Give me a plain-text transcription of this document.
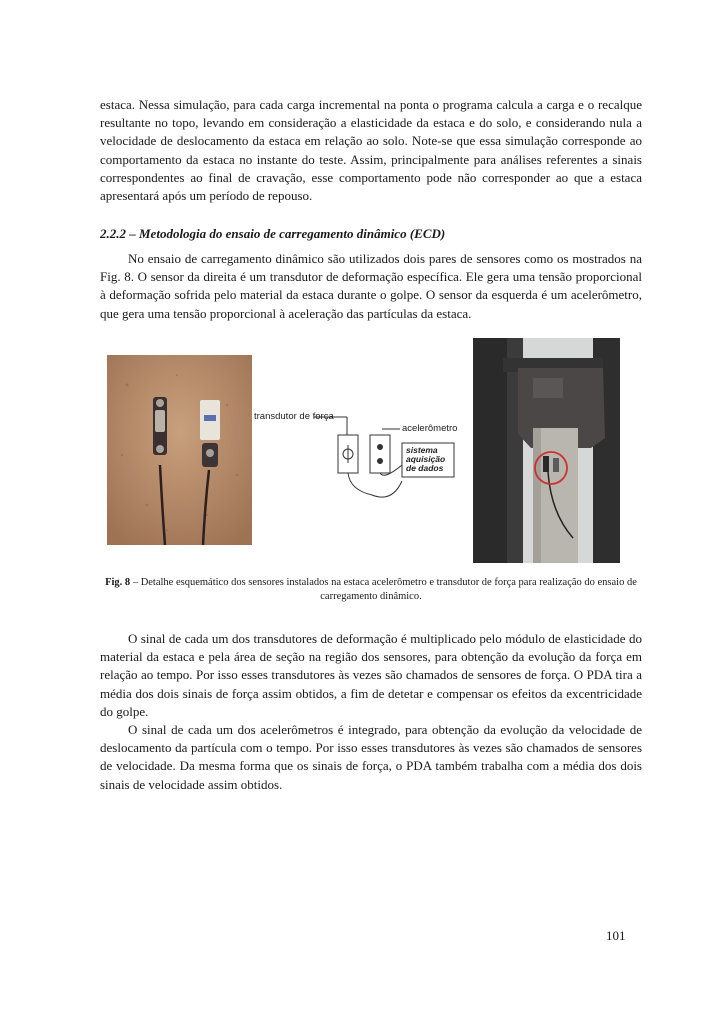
estaca. Nessa simulação, para cada carga incremental na ponta o programa calcula a carga e o recalque resultante no topo, levando em consideração a elasticidade da estaca e do solo, e considerando nula a velocidade de deslocamento da estaca em relação ao solo. Note-se que essa simulação corresponde ao comportamento da estaca no instante do teste. Assim, principalmente para análises referentes a sinais correspondentes ao final de cravação, esse comportamento pode não corresponder ao que a estaca apresentará após um período de repouso.

2.2.2 – Metodologia do ensaio de carregamento dinâmico (ECD)

No ensaio de carregamento dinâmico são utilizados dois pares de sensores como os mostrados na Fig. 8. O sensor da direita é um transdutor de deformação específica. Ele gera uma tensão proporcional à deformação sofrida pelo material da estaca durante o golpe. O sensor da esquerda é um acelerômetro, que gera uma tensão proporcional à aceleração das partículas da estaca.

transdutor de força
acelerômetro
sistema
aquisição
de dados
Fig. 8 – Detalhe esquemático dos sensores instalados na estaca acelerômetro e transdutor de força para realização do ensaio de carregamento dinâmico.

O sinal de cada um dos transdutores de deformação é multiplicado pelo módulo de elasticidade do material da estaca e pela área de seção na região dos sensores, para obtenção da evolução da força em relação ao tempo. Por isso esses transdutores às vezes são chamados de sensores de força. O PDA tira a média dos dois sinais de força assim obtidos, a fim de detetar e compensar os efeitos da excentricidade do golpe.

O sinal de cada um dos acelerômetros é integrado, para obtenção da evolução da velocidade de deslocamento da partícula com o tempo. Por isso esses transdutores às vezes são chamados de sensores de velocidade. Da mesma forma que os sinais de força, o PDA também trabalha com a média dos dois sinais de velocidade assim obtidos.

101
